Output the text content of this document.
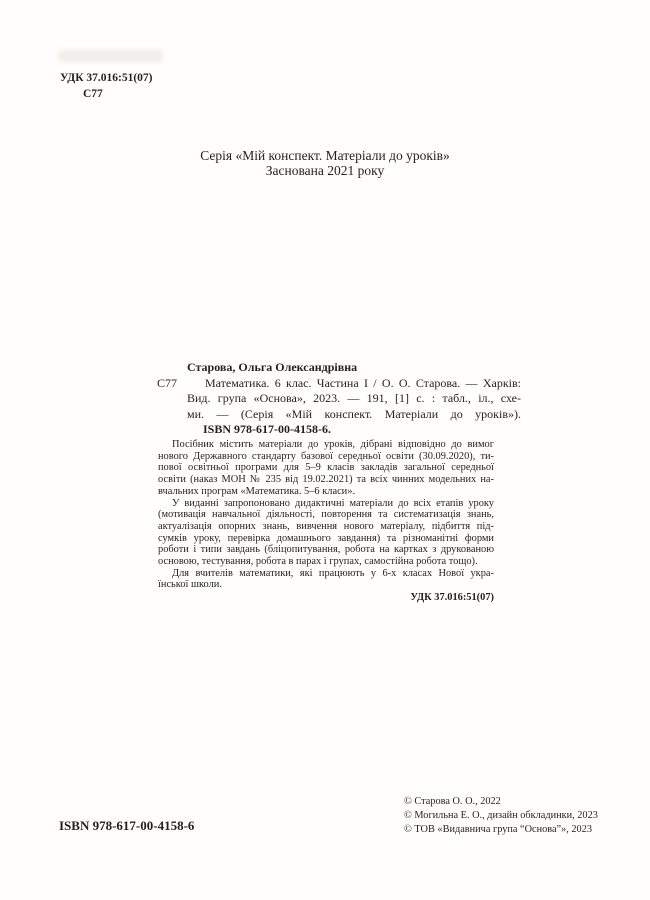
УДК 37.016:51(07)
С77
Серія «Мій конспект. Матеріали до уроків»
Заснована 2021 року
Старова, Ольга Олександрівна
С77	Математика. 6 клас. Частина І / О. О. Старова. — Харків:
Вид. група «Основа», 2023. — 191, [1] с. : табл., іл., схе-
ми. — (Серія «Мій конспект. Матеріали до уроків»).
ISBN 978-617-00-4158-6.
Посібник містить матеріали до уроків, дібрані відповідно до вимог
нового Державного стандарту базової середньої освіти (30.09.2020), ти-
пової освітньої програми для 5–9 класів закладів загальної середньої
освіти (наказ МОН № 235 від 19.02.2021) та всіх чинних модельних на-
вчальних програм «Математика. 5–6 класи».
У виданні запропоновано дидактичні матеріали до всіх етапів уроку
(мотивація навчальної діяльності, повторення та систематизація знань,
актуалізація опорних знань, вивчення нового матеріалу, підбиття під-
сумків уроку, перевірка домашнього завдання) та різноманітні форми
роботи і типи завдань (бліцопитування, робота на картках з друкованою
основою, тестування, робота в парах і групах, самостійна робота тощо).
Для вчителів математики, які працюють у 6-х класах Нової укра-
їнської школи.
УДК 37.016:51(07)
ISBN 978-617-00-4158-6
© Старова О. О., 2022
© Могильна Е. О., дизайн обкладинки, 2023
© ТОВ «Видавнича група “Основа”», 2023
